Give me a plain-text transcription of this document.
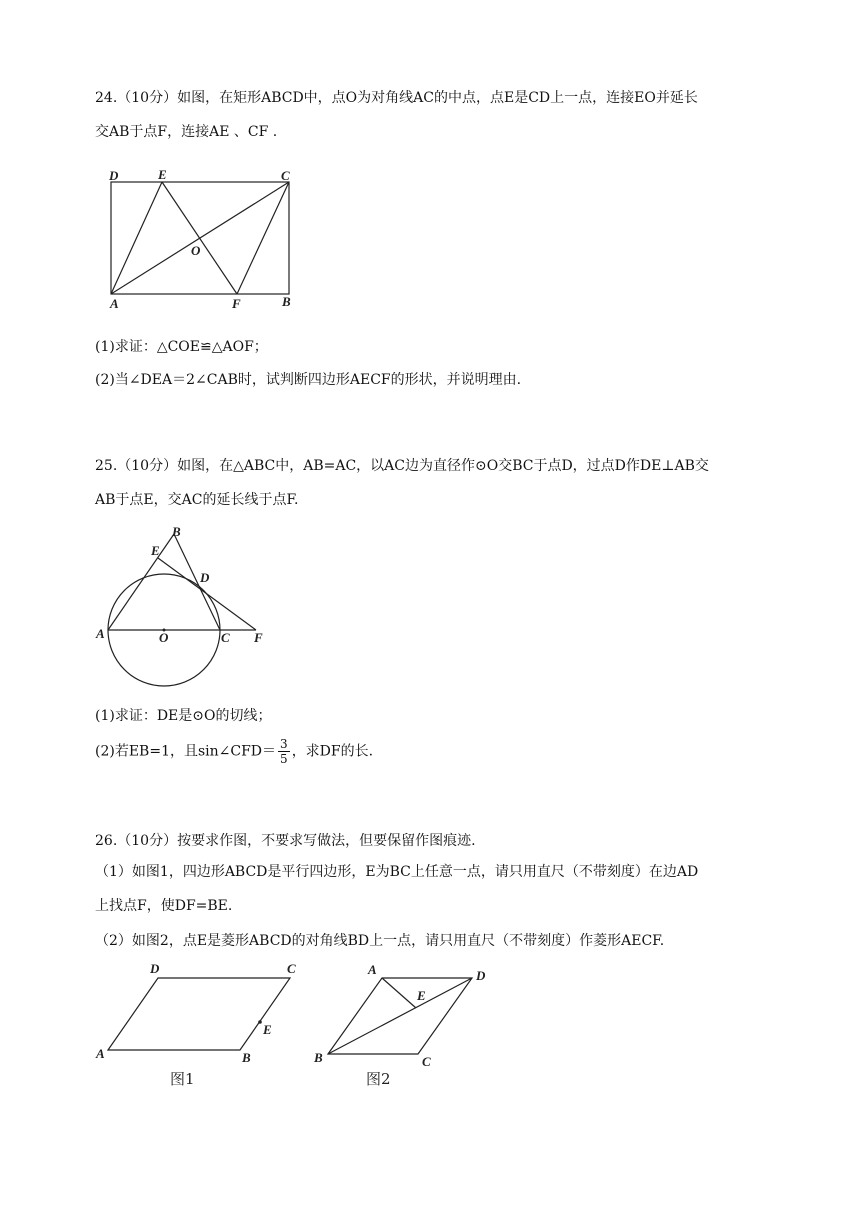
24.（10分）如图，在矩形ABCD中，点O为对角线AC的中点，点E是CD上一点，连接EO并延长
交AB于点F，连接AE 、CF .
D	E	C
O
A	F	B
(1)求证：△COE≌△AOF；
(2)当∠DEA＝2∠CAB时，试判断四边形AECF的形状，并说明理由.
25.（10分）如图，在△ABC中，AB=AC，以AC边为直径作⊙O交BC于点D，过点D作DE⊥AB交
AB于点E，交AC的延长线于点F.
B
E
D
A	O	C F
(1)求证：DE是⊙O的切线；
(2)若EB=1，且sin∠CFD＝ $\frac{3}{5}$ ，求DF的长.
26.（10分）按要求作图，不要求写做法，但要保留作图痕迹.
（1）如图1，四边形ABCD是平行四边形，E为BC上任意一点，请只用直尺（不带刻度）在边AD
上找点F，使DF=BE.
（2）如图2，点E是菱形ABCD的对角线BD上一点，请只用直尺（不带刻度）作菱形AECF.
D	C
E
A	B
图1
A	D
E
B	C
图2
